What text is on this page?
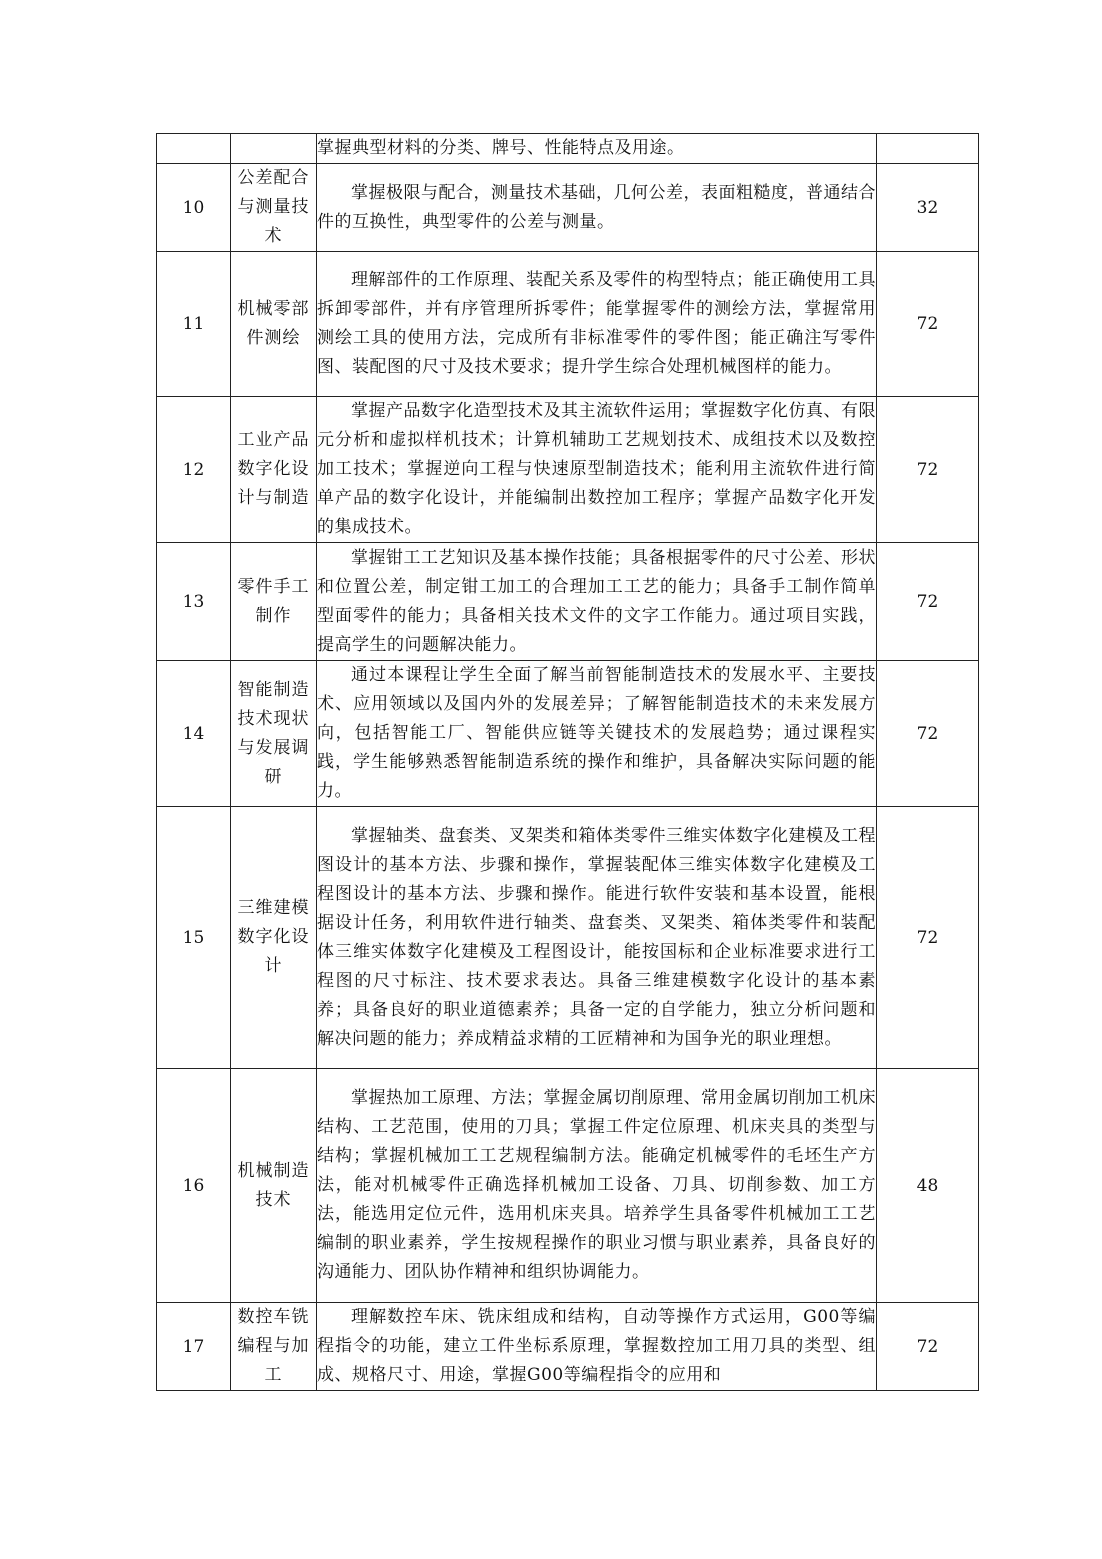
		掌握典型材料的分类、牌号、性能特点及用途。	
10	公差配合与测量技术	掌握极限与配合，测量技术基础，几何公差，表面粗糙度，普通结合件的互换性，典型零件的公差与测量。	32
11	机械零部件测绘	理解部件的工作原理、装配关系及零件的构型特点；能正确使用工具拆卸零部件，并有序管理所拆零件；能掌握零件的测绘方法，掌握常用测绘工具的使用方法，完成所有非标准零件的零件图；能正确注写零件图、装配图的尺寸及技术要求；提升学生综合处理机械图样的能力。	72
12	工业产品数字化设计与制造	掌握产品数字化造型技术及其主流软件运用；掌握数字化仿真、有限元分析和虚拟样机技术；计算机辅助工艺规划技术、成组技术以及数控加工技术；掌握逆向工程与快速原型制造技术；能利用主流软件进行简单产品的数字化设计，并能编制出数控加工程序；掌握产品数字化开发的集成技术。	72
13	零件手工制作	掌握钳工工艺知识及基本操作技能；具备根据零件的尺寸公差、形状和位置公差，制定钳工加工的合理加工工艺的能力；具备手工制作简单型面零件的能力；具备相关技术文件的文字工作能力。通过项目实践，提高学生的问题解决能力。	72
14	智能制造技术现状与发展调研	通过本课程让学生全面了解当前智能制造技术的发展水平、主要技术、应用领域以及国内外的发展差异；了解智能制造技术的未来发展方向，包括智能工厂、智能供应链等关键技术的发展趋势；通过课程实践，学生能够熟悉智能制造系统的操作和维护，具备解决实际问题的能力。	72
15	三维建模数字化设计	掌握轴类、盘套类、叉架类和箱体类零件三维实体数字化建模及工程图设计的基本方法、步骤和操作，掌握装配体三维实体数字化建模及工程图设计的基本方法、步骤和操作。能进行软件安装和基本设置，能根据设计任务，利用软件进行轴类、盘套类、叉架类、箱体类零件和装配体三维实体数字化建模及工程图设计，能按国标和企业标准要求进行工程图的尺寸标注、技术要求表达。具备三维建模数字化设计的基本素养；具备良好的职业道德素养；具备一定的自学能力，独立分析问题和解决问题的能力；养成精益求精的工匠精神和为国争光的职业理想。	72
16	机械制造技术	掌握热加工原理、方法；掌握金属切削原理、常用金属切削加工机床结构、工艺范围，使用的刀具；掌握工件定位原理、机床夹具的类型与结构；掌握机械加工工艺规程编制方法。能确定机械零件的毛坯生产方法，能对机械零件正确选择机械加工设备、刀具、切削参数、加工方法，能选用定位元件，选用机床夹具。培养学生具备零件机械加工工艺编制的职业素养，学生按规程操作的职业习惯与职业素养，具备良好的沟通能力、团队协作精神和组织协调能力。	48
17	数控车铣编程与加工	理解数控车床、铣床组成和结构，自动等操作方式运用，G00等编程指令的功能，建立工件坐标系原理，掌握数控加工用刀具的类型、组成、规格尺寸、用途，掌握G00等编程指令的应用和	72
